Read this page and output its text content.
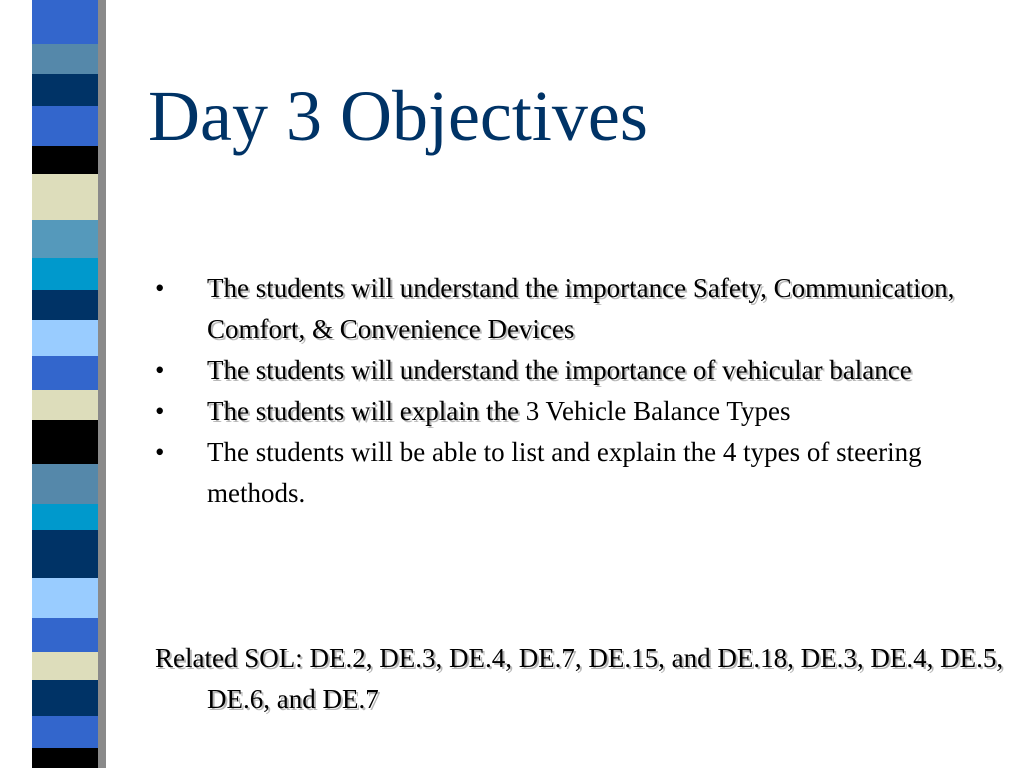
Day 3 Objectives
• The students will understand the importance Safety, Communication, Comfort, & Convenience Devices
• The students will understand the importance of vehicular balance
• The students will explain the 3 Vehicle Balance Types
• The students will be able to list and explain the 4 types of steering methods.

Related SOL: DE.2, DE.3, DE.4, DE.7, DE.15, and DE.18, DE.3, DE.4, DE.5, DE.6, and DE.7
